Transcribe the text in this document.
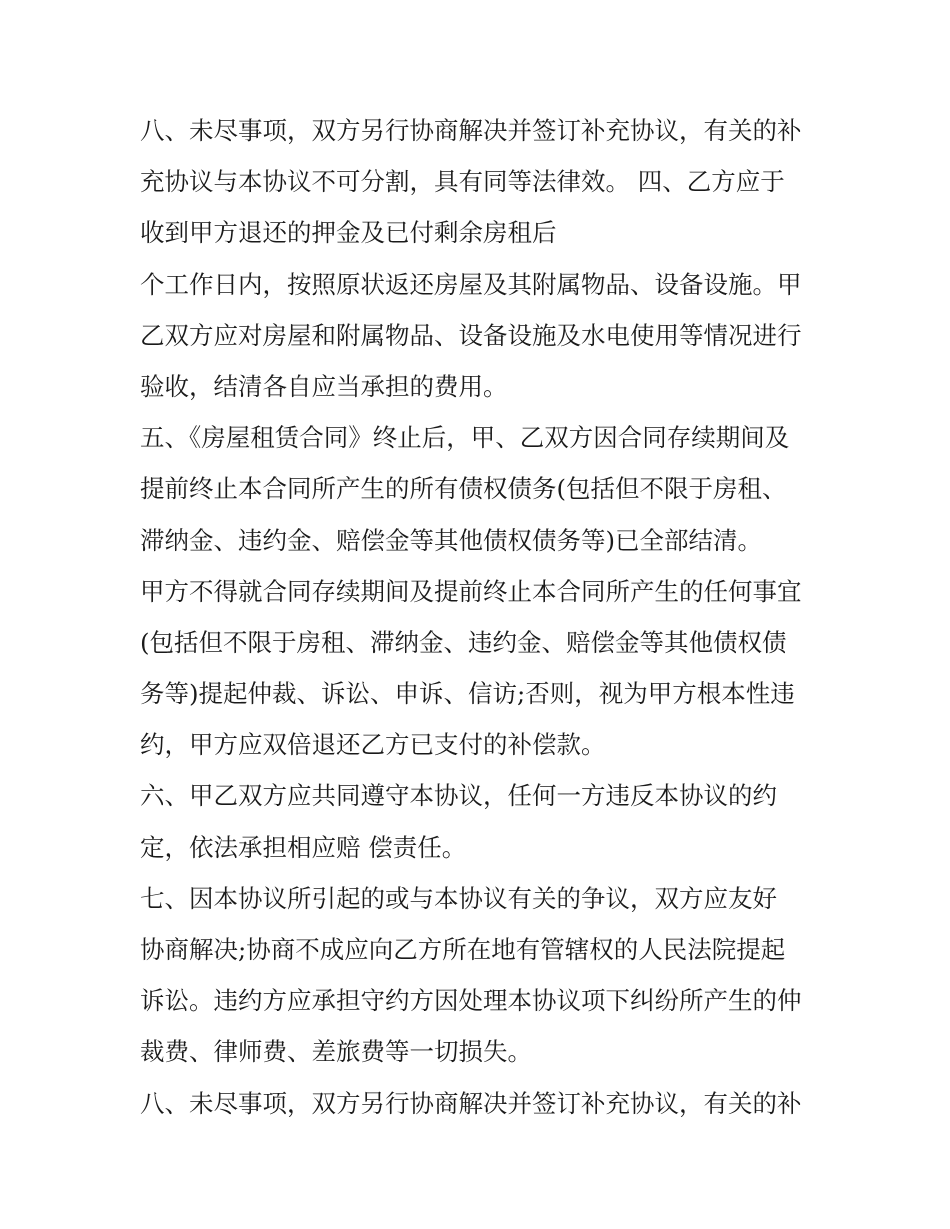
八、未尽事项，双方另行协商解决并签订补充协议，有关的补
充协议与本协议不可分割，具有同等法律效。 四、乙方应于
收到甲方退还的押金及已付剩余房租后
个工作日内，按照原状返还房屋及其附属物品、设备设施。甲
乙双方应对房屋和附属物品、设备设施及水电使用等情况进行
验收，结清各自应当承担的费用。
五、《房屋租赁合同》终止后，甲、乙双方因合同存续期间及
提前终止本合同所产生的所有债权债务(包括但不限于房租、
滞纳金、违约金、赔偿金等其他债权债务等)已全部结清。
甲方不得就合同存续期间及提前终止本合同所产生的任何事宜
(包括但不限于房租、滞纳金、违约金、赔偿金等其他债权债
务等)提起仲裁、诉讼、申诉、信访;否则，视为甲方根本性违
约，甲方应双倍退还乙方已支付的补偿款。
六、甲乙双方应共同遵守本协议，任何一方违反本协议的约
定，依法承担相应赔 偿责任。
七、因本协议所引起的或与本协议有关的争议，双方应友好
协商解决;协商不成应向乙方所在地有管辖权的人民法院提起
诉讼。违约方应承担守约方因处理本协议项下纠纷所产生的仲
裁费、律师费、差旅费等一切损失。
八、未尽事项，双方另行协商解决并签订补充协议，有关的补
